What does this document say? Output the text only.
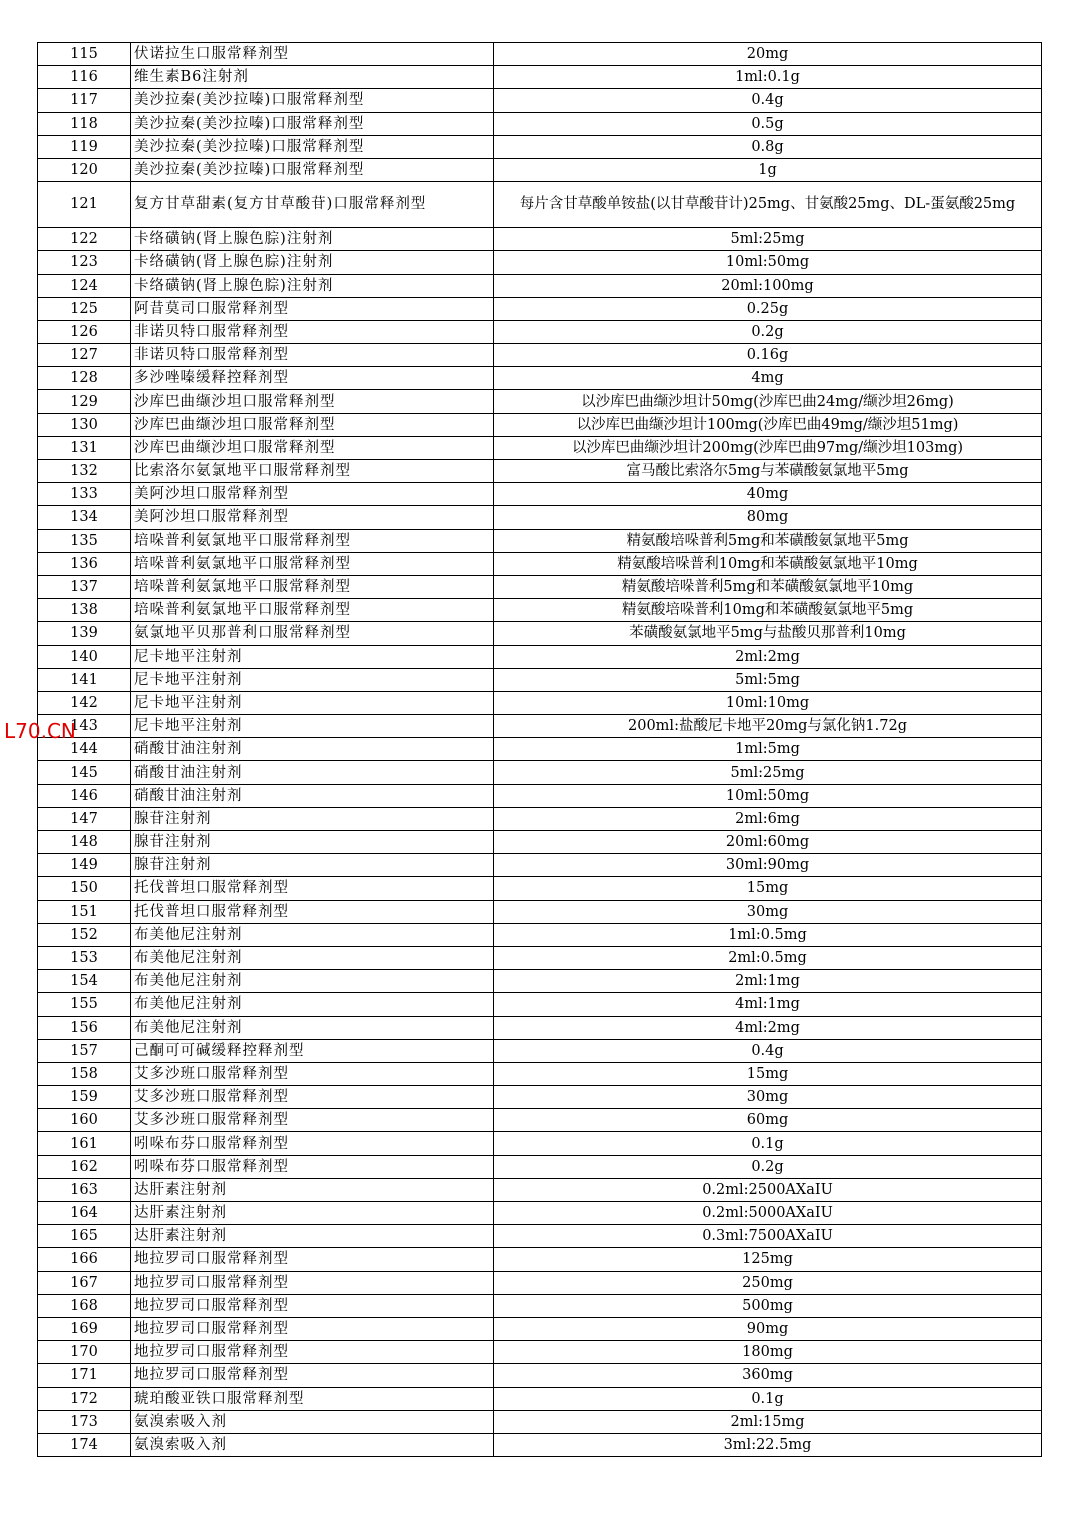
115	伏诺拉生口服常释剂型	20mg
116	维生素B6注射剂	1ml:0.1g
117	美沙拉秦(美沙拉嗪)口服常释剂型	0.4g
118	美沙拉秦(美沙拉嗪)口服常释剂型	0.5g
119	美沙拉秦(美沙拉嗪)口服常释剂型	0.8g
120	美沙拉秦(美沙拉嗪)口服常释剂型	1g
121	复方甘草甜素(复方甘草酸苷)口服常释剂型	每片含甘草酸单铵盐(以甘草酸苷计)25mg、甘氨酸25mg、DL-蛋氨酸25mg
122	卡络磺钠(肾上腺色腙)注射剂	5ml:25mg
123	卡络磺钠(肾上腺色腙)注射剂	10ml:50mg
124	卡络磺钠(肾上腺色腙)注射剂	20ml:100mg
125	阿昔莫司口服常释剂型	0.25g
126	非诺贝特口服常释剂型	0.2g
127	非诺贝特口服常释剂型	0.16g
128	多沙唑嗪缓释控释剂型	4mg
129	沙库巴曲缬沙坦口服常释剂型	以沙库巴曲缬沙坦计50mg(沙库巴曲24mg/缬沙坦26mg)
130	沙库巴曲缬沙坦口服常释剂型	以沙库巴曲缬沙坦计100mg(沙库巴曲49mg/缬沙坦51mg)
131	沙库巴曲缬沙坦口服常释剂型	以沙库巴曲缬沙坦计200mg(沙库巴曲97mg/缬沙坦103mg)
132	比索洛尔氨氯地平口服常释剂型	富马酸比索洛尔5mg与苯磺酸氨氯地平5mg
133	美阿沙坦口服常释剂型	40mg
134	美阿沙坦口服常释剂型	80mg
135	培哚普利氨氯地平口服常释剂型	精氨酸培哚普利5mg和苯磺酸氨氯地平5mg
136	培哚普利氨氯地平口服常释剂型	精氨酸培哚普利10mg和苯磺酸氨氯地平10mg
137	培哚普利氨氯地平口服常释剂型	精氨酸培哚普利5mg和苯磺酸氨氯地平10mg
138	培哚普利氨氯地平口服常释剂型	精氨酸培哚普利10mg和苯磺酸氨氯地平5mg
139	氨氯地平贝那普利口服常释剂型	苯磺酸氨氯地平5mg与盐酸贝那普利10mg
140	尼卡地平注射剂	2ml:2mg
141	尼卡地平注射剂	5ml:5mg
142	尼卡地平注射剂	10ml:10mg
143	尼卡地平注射剂	200ml:盐酸尼卡地平20mg与氯化钠1.72g
144	硝酸甘油注射剂	1ml:5mg
145	硝酸甘油注射剂	5ml:25mg
146	硝酸甘油注射剂	10ml:50mg
147	腺苷注射剂	2ml:6mg
148	腺苷注射剂	20ml:60mg
149	腺苷注射剂	30ml:90mg
150	托伐普坦口服常释剂型	15mg
151	托伐普坦口服常释剂型	30mg
152	布美他尼注射剂	1ml:0.5mg
153	布美他尼注射剂	2ml:0.5mg
154	布美他尼注射剂	2ml:1mg
155	布美他尼注射剂	4ml:1mg
156	布美他尼注射剂	4ml:2mg
157	己酮可可碱缓释控释剂型	0.4g
158	艾多沙班口服常释剂型	15mg
159	艾多沙班口服常释剂型	30mg
160	艾多沙班口服常释剂型	60mg
161	吲哚布芬口服常释剂型	0.1g
162	吲哚布芬口服常释剂型	0.2g
163	达肝素注射剂	0.2ml:2500AXaIU
164	达肝素注射剂	0.2ml:5000AXaIU
165	达肝素注射剂	0.3ml:7500AXaIU
166	地拉罗司口服常释剂型	125mg
167	地拉罗司口服常释剂型	250mg
168	地拉罗司口服常释剂型	500mg
169	地拉罗司口服常释剂型	90mg
170	地拉罗司口服常释剂型	180mg
171	地拉罗司口服常释剂型	360mg
172	琥珀酸亚铁口服常释剂型	0.1g
173	氨溴索吸入剂	2ml:15mg
174	氨溴索吸入剂	3ml:22.5mg
L70.CN
